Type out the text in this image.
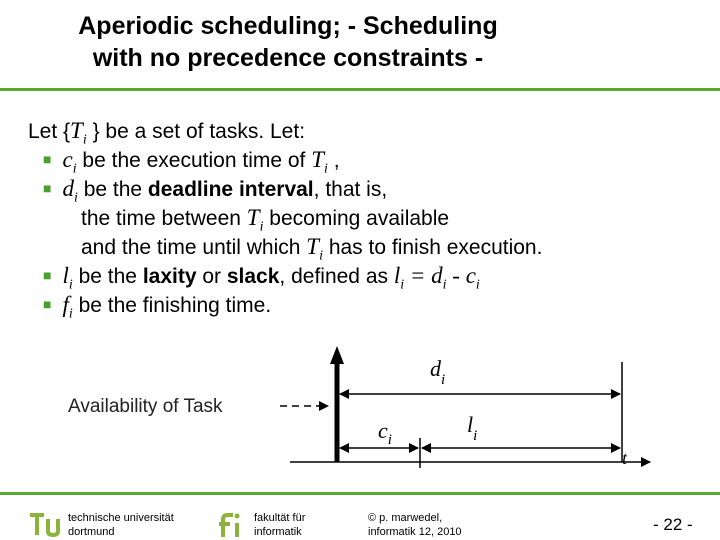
Aperiodic scheduling; - Scheduling
with no precedence constraints -
Let {$T_i$ } be a set of tasks. Let:
■ $c_i$ be the execution time of $T_i$ ,
■ $d_i$ be the deadline interval, that is,
the time between $T_i$ becoming available
and the time until which $T_i$ has to finish execution.
■ $l_i$ be the laxity or slack, defined as $l_i = d_i - c_i$
■ $f_i$ be the finishing time.
Availability of Task
$d_i$
$c_i$
$l_i$
t
technische universität
dortmund
fakultät für
informatik
© p. marwedel,
informatik 12, 2010	- 22 -
